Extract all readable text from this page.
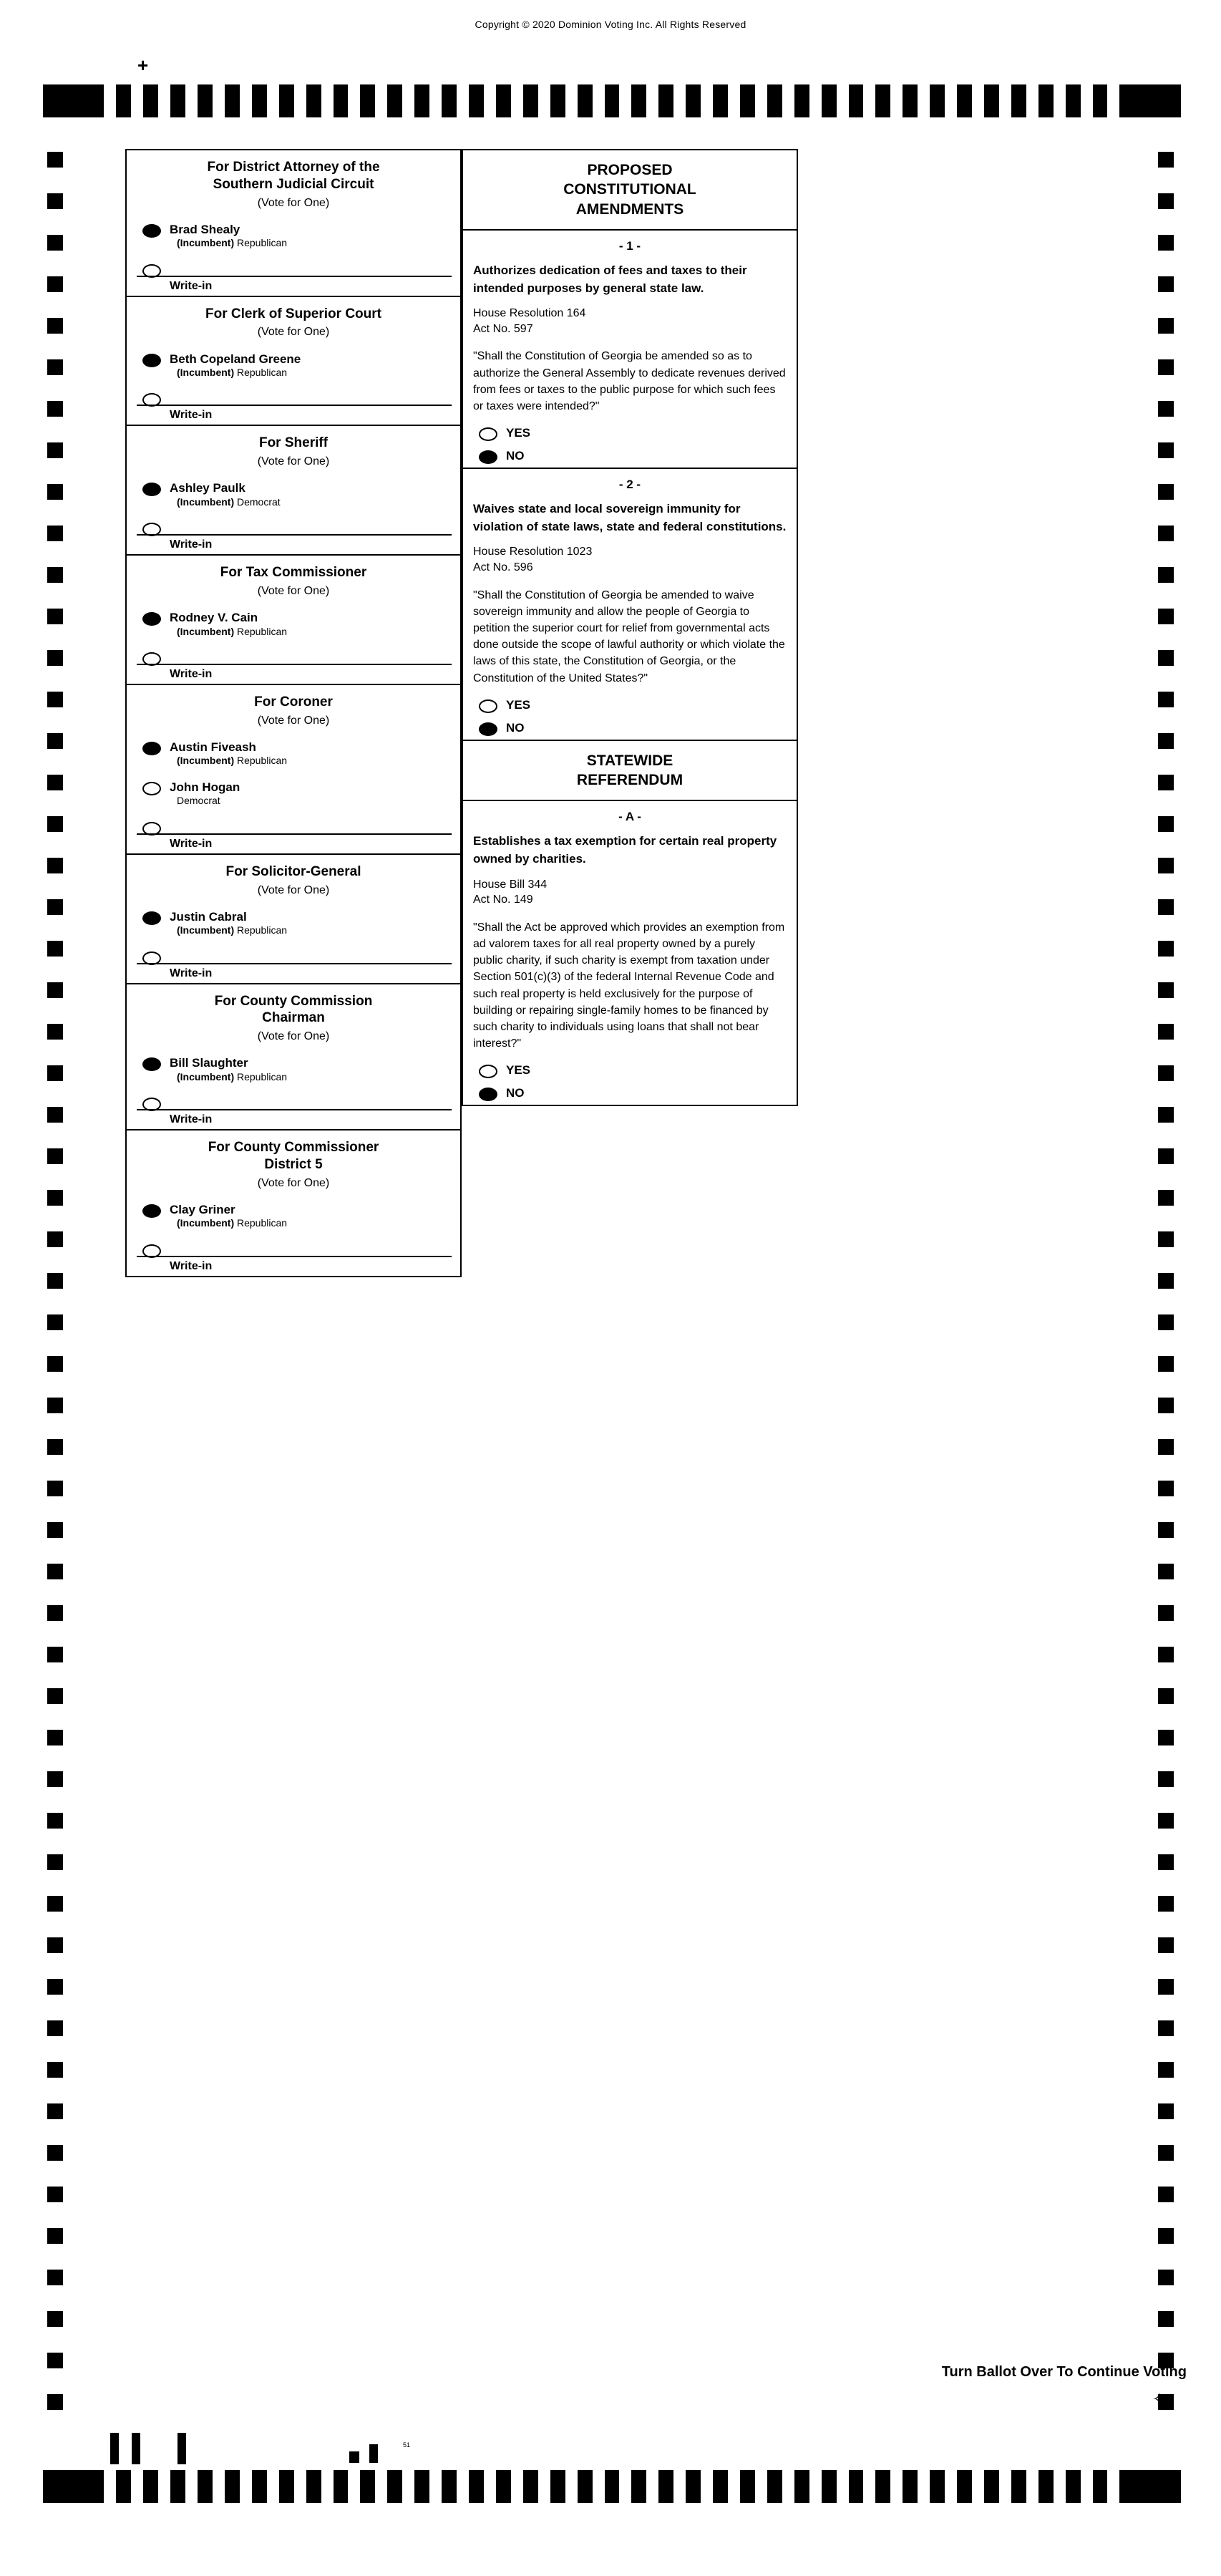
Copyright © 2020 Dominion Voting Inc. All Rights Reserved
+
51
For District Attorney of the
Southern Judicial Circuit
(Vote for One)
Brad Shealy
(Incumbent) Republican
Write-in
For Clerk of Superior Court
(Vote for One)
Beth Copeland Greene
(Incumbent) Republican
Write-in
For Sheriff
(Vote for One)
Ashley Paulk
(Incumbent) Democrat
Write-in
For Tax Commissioner
(Vote for One)
Rodney V. Cain
(Incumbent) Republican
Write-in
For Coroner
(Vote for One)
Austin Fiveash
(Incumbent) Republican
John Hogan
Democrat
Write-in
For Solicitor-General
(Vote for One)
Justin Cabral
(Incumbent) Republican
Write-in
For County Commission
Chairman
(Vote for One)
Bill Slaughter
(Incumbent) Republican
Write-in
For County Commissioner
District 5
(Vote for One)
Clay Griner
(Incumbent) Republican
Write-in
PROPOSED
CONSTITUTIONAL
AMENDMENTS
- 1 -
Authorizes dedication of fees and taxes to their intended purposes by general state law.
House Resolution 164
Act No. 597
"Shall the Constitution of Georgia be amended so as to authorize the General Assembly to dedicate revenues derived from fees or taxes to the public purpose for which such fees or taxes were intended?"
YES
NO
- 2 -
Waives state and local sovereign immunity for violation of state laws, state and federal constitutions.
House Resolution 1023
Act No. 596
"Shall the Constitution of Georgia be amended to waive sovereign immunity and allow the people of Georgia to petition the superior court for relief from governmental acts done outside the scope of lawful authority or which violate the laws of this state, the Constitution of Georgia, or the Constitution of the United States?"
YES
NO
STATEWIDE
REFERENDUM
- A -
Establishes a tax exemption for certain real property owned by charities.
House Bill 344
Act No. 149
"Shall the Act be approved which provides an exemption from ad valorem taxes for all real property owned by a purely public charity, if such charity is exempt from taxation under Section 501(c)(3) of the federal Internal Revenue Code and such real property is held exclusively for the purpose of building or repairing single-family homes to be financed by such charity to individuals using loans that shall not bear interest?"
YES
NO
Turn Ballot Over To Continue Voting
✧
